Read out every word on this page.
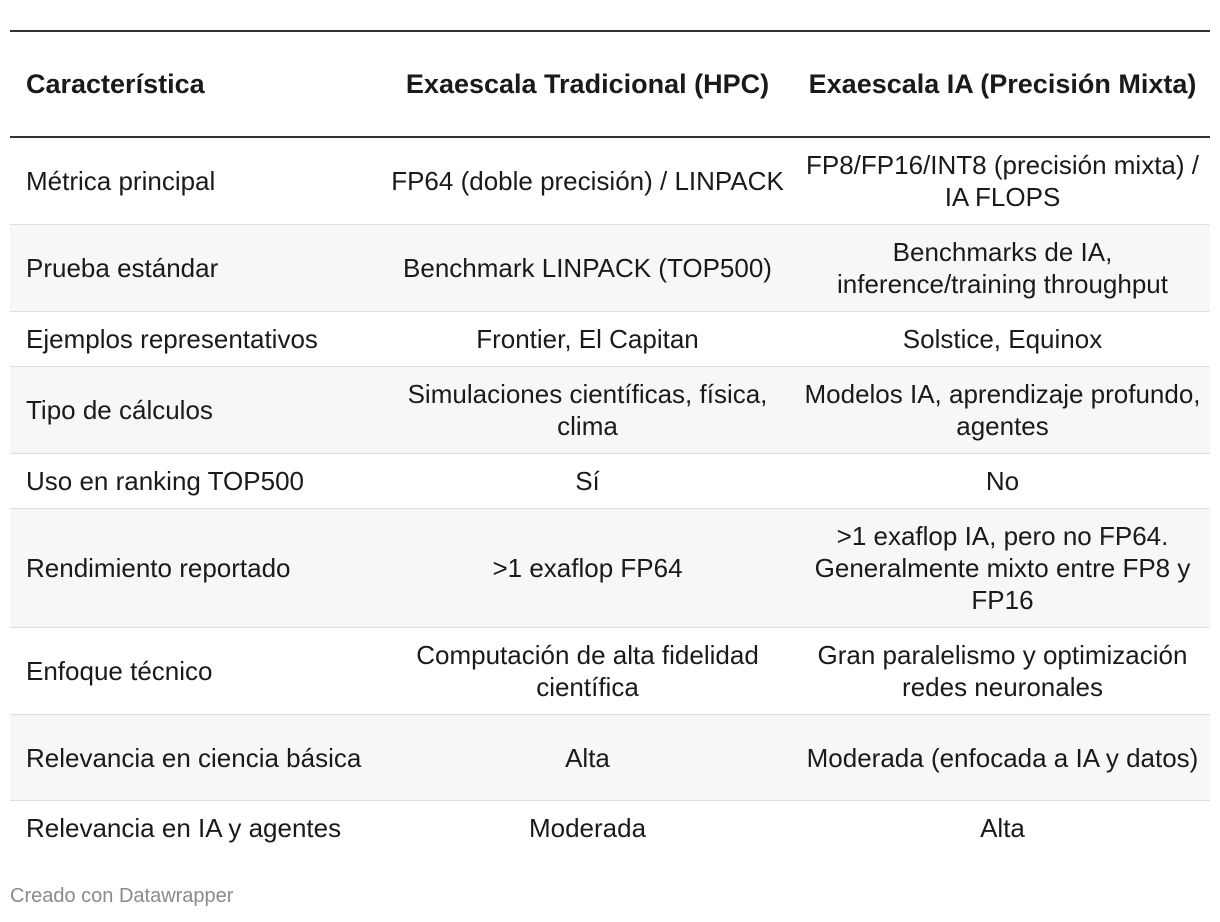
Característica	Exaescala Tradicional (HPC)	Exaescala IA (Precisión Mixta)
Métrica principal	FP64 (doble precisión) / LINPACK	FP8/FP16/INT8 (precisión mixta) / IA FLOPS
Prueba estándar	Benchmark LINPACK (TOP500)	Benchmarks de IA, inference/training throughput
Ejemplos representativos	Frontier, El Capitan	Solstice, Equinox
Tipo de cálculos	Simulaciones científicas, física, clima	Modelos IA, aprendizaje profundo, agentes
Uso en ranking TOP500	Sí	No
Rendimiento reportado	>1 exaflop FP64	>1 exaflop IA, pero no FP64. Generalmente mixto entre FP8 y FP16
Enfoque técnico	Computación de alta fidelidad científica	Gran paralelismo y optimización redes neuronales
Relevancia en ciencia básica	Alta	Moderada (enfocada a IA y datos)
Relevancia en IA y agentes	Moderada	Alta
Creado con Datawrapper
